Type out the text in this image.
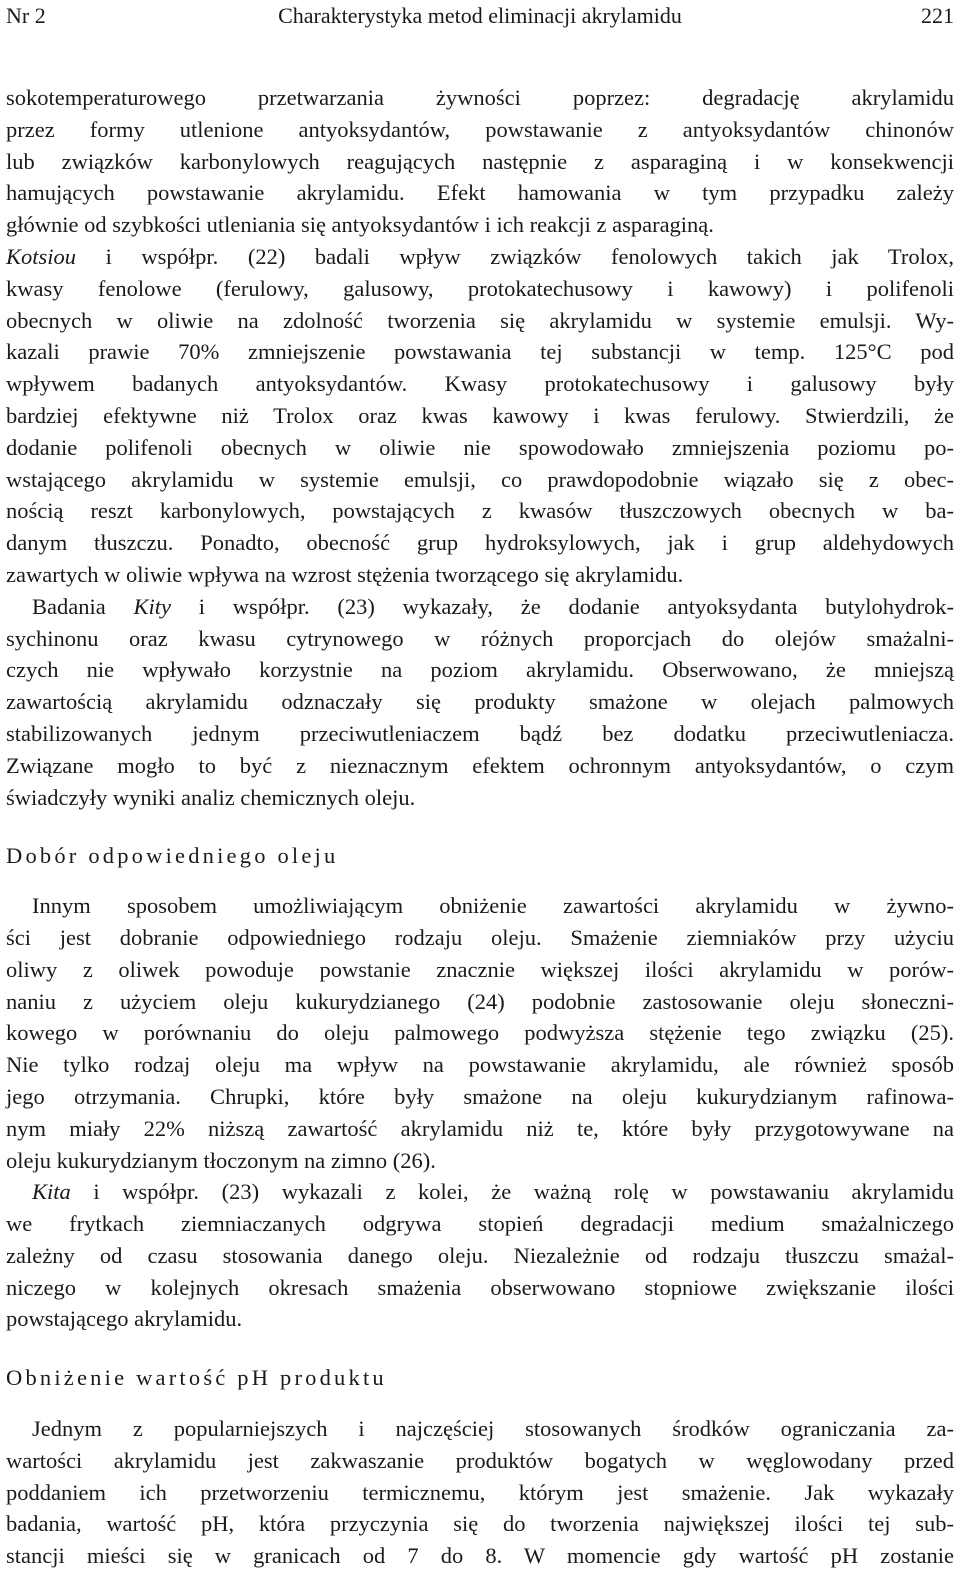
Nr 2	Charakterystyka metod eliminacji akrylamidu	221
sokotemperaturowego przetwarzania żywności poprzez: degradację akrylamidu
przez formy utlenione antyoksydantów, powstawanie z antyoksydantów chinonów
lub związków karbonylowych reagujących następnie z asparaginą i w konsekwencji
hamujących powstawanie akrylamidu. Efekt hamowania w tym przypadku zależy
głównie od szybkości utleniania się antyoksydantów i ich reakcji z asparaginą.
Kotsiou i współpr. (22) badali wpływ związków fenolowych takich jak Trolox,
kwasy fenolowe (ferulowy, galusowy, protokatechusowy i kawowy) i polifenoli
obecnych w oliwie na zdolność tworzenia się akrylamidu w systemie emulsji. Wy-
kazali prawie 70% zmniejszenie powstawania tej substancji w temp. 125°C pod
wpływem badanych antyoksydantów. Kwasy protokatechusowy i galusowy były
bardziej efektywne niż Trolox oraz kwas kawowy i kwas ferulowy. Stwierdzili, że
dodanie polifenoli obecnych w oliwie nie spowodowało zmniejszenia poziomu po-
wstającego akrylamidu w systemie emulsji, co prawdopodobnie wiązało się z obec-
nością reszt karbonylowych, powstających z kwasów tłuszczowych obecnych w ba-
danym tłuszczu. Ponadto, obecność grup hydroksylowych, jak i grup aldehydowych
zawartych w oliwie wpływa na wzrost stężenia tworzącego się akrylamidu.
Badania Kity i współpr. (23) wykazały, że dodanie antyoksydanta butylohydrok-
sychinonu oraz kwasu cytrynowego w różnych proporcjach do olejów smażalni-
czych nie wpływało korzystnie na poziom akrylamidu. Obserwowano, że mniejszą
zawartością akrylamidu odznaczały się produkty smażone w olejach palmowych
stabilizowanych jednym przeciwutleniaczem bądź bez dodatku przeciwutleniacza.
Związane mogło to być z nieznacznym efektem ochronnym antyoksydantów, o czym
świadczyły wyniki analiz chemicznych oleju.
Dobór odpowiedniego oleju
Innym sposobem umożliwiającym obniżenie zawartości akrylamidu w żywno-
ści jest dobranie odpowiedniego rodzaju oleju. Smażenie ziemniaków przy użyciu
oliwy z oliwek powoduje powstanie znacznie większej ilości akrylamidu w porów-
naniu z użyciem oleju kukurydzianego (24) podobnie zastosowanie oleju słonecznі-
kowego w porównaniu do oleju palmowego podwyższa stężenie tego związku (25).
Nie tylko rodzaj oleju ma wpływ na powstawanie akrylamidu, ale również sposób
jego otrzymania. Chrupki, które były smażone na oleju kukurydzianym rafinowa-
nym miały 22% niższą zawartość akrylamidu niż te, które były przygotowywane na
oleju kukurydzianym tłoczonym na zimno (26).
Kita i współpr. (23) wykazali z kolei, że ważną rolę w powstawaniu akrylamidu
we frytkach ziemniaczanych odgrywa stopień degradacji medium smażalniczego
zależny od czasu stosowania danego oleju. Niezależnie od rodzaju tłuszczu smażal-
niczego w kolejnych okresach smażenia obserwowano stopniowe zwiększanie ilości
powstającego akrylamidu.
Obniżenie wartość pH produktu
Jednym z popularniejszych i najczęściej stosowanych środków ograniczania za-
wartości akrylamidu jest zakwaszanie produktów bogatych w węglowodany przed
poddaniem ich przetworzeniu termicznemu, którym jest smażenie. Jak wykazały
badania, wartość pH, która przyczynia się do tworzenia największej ilości tej sub-
stancji mieści się w granicach od 7 do 8. W momencie gdy wartość pH zostanie
